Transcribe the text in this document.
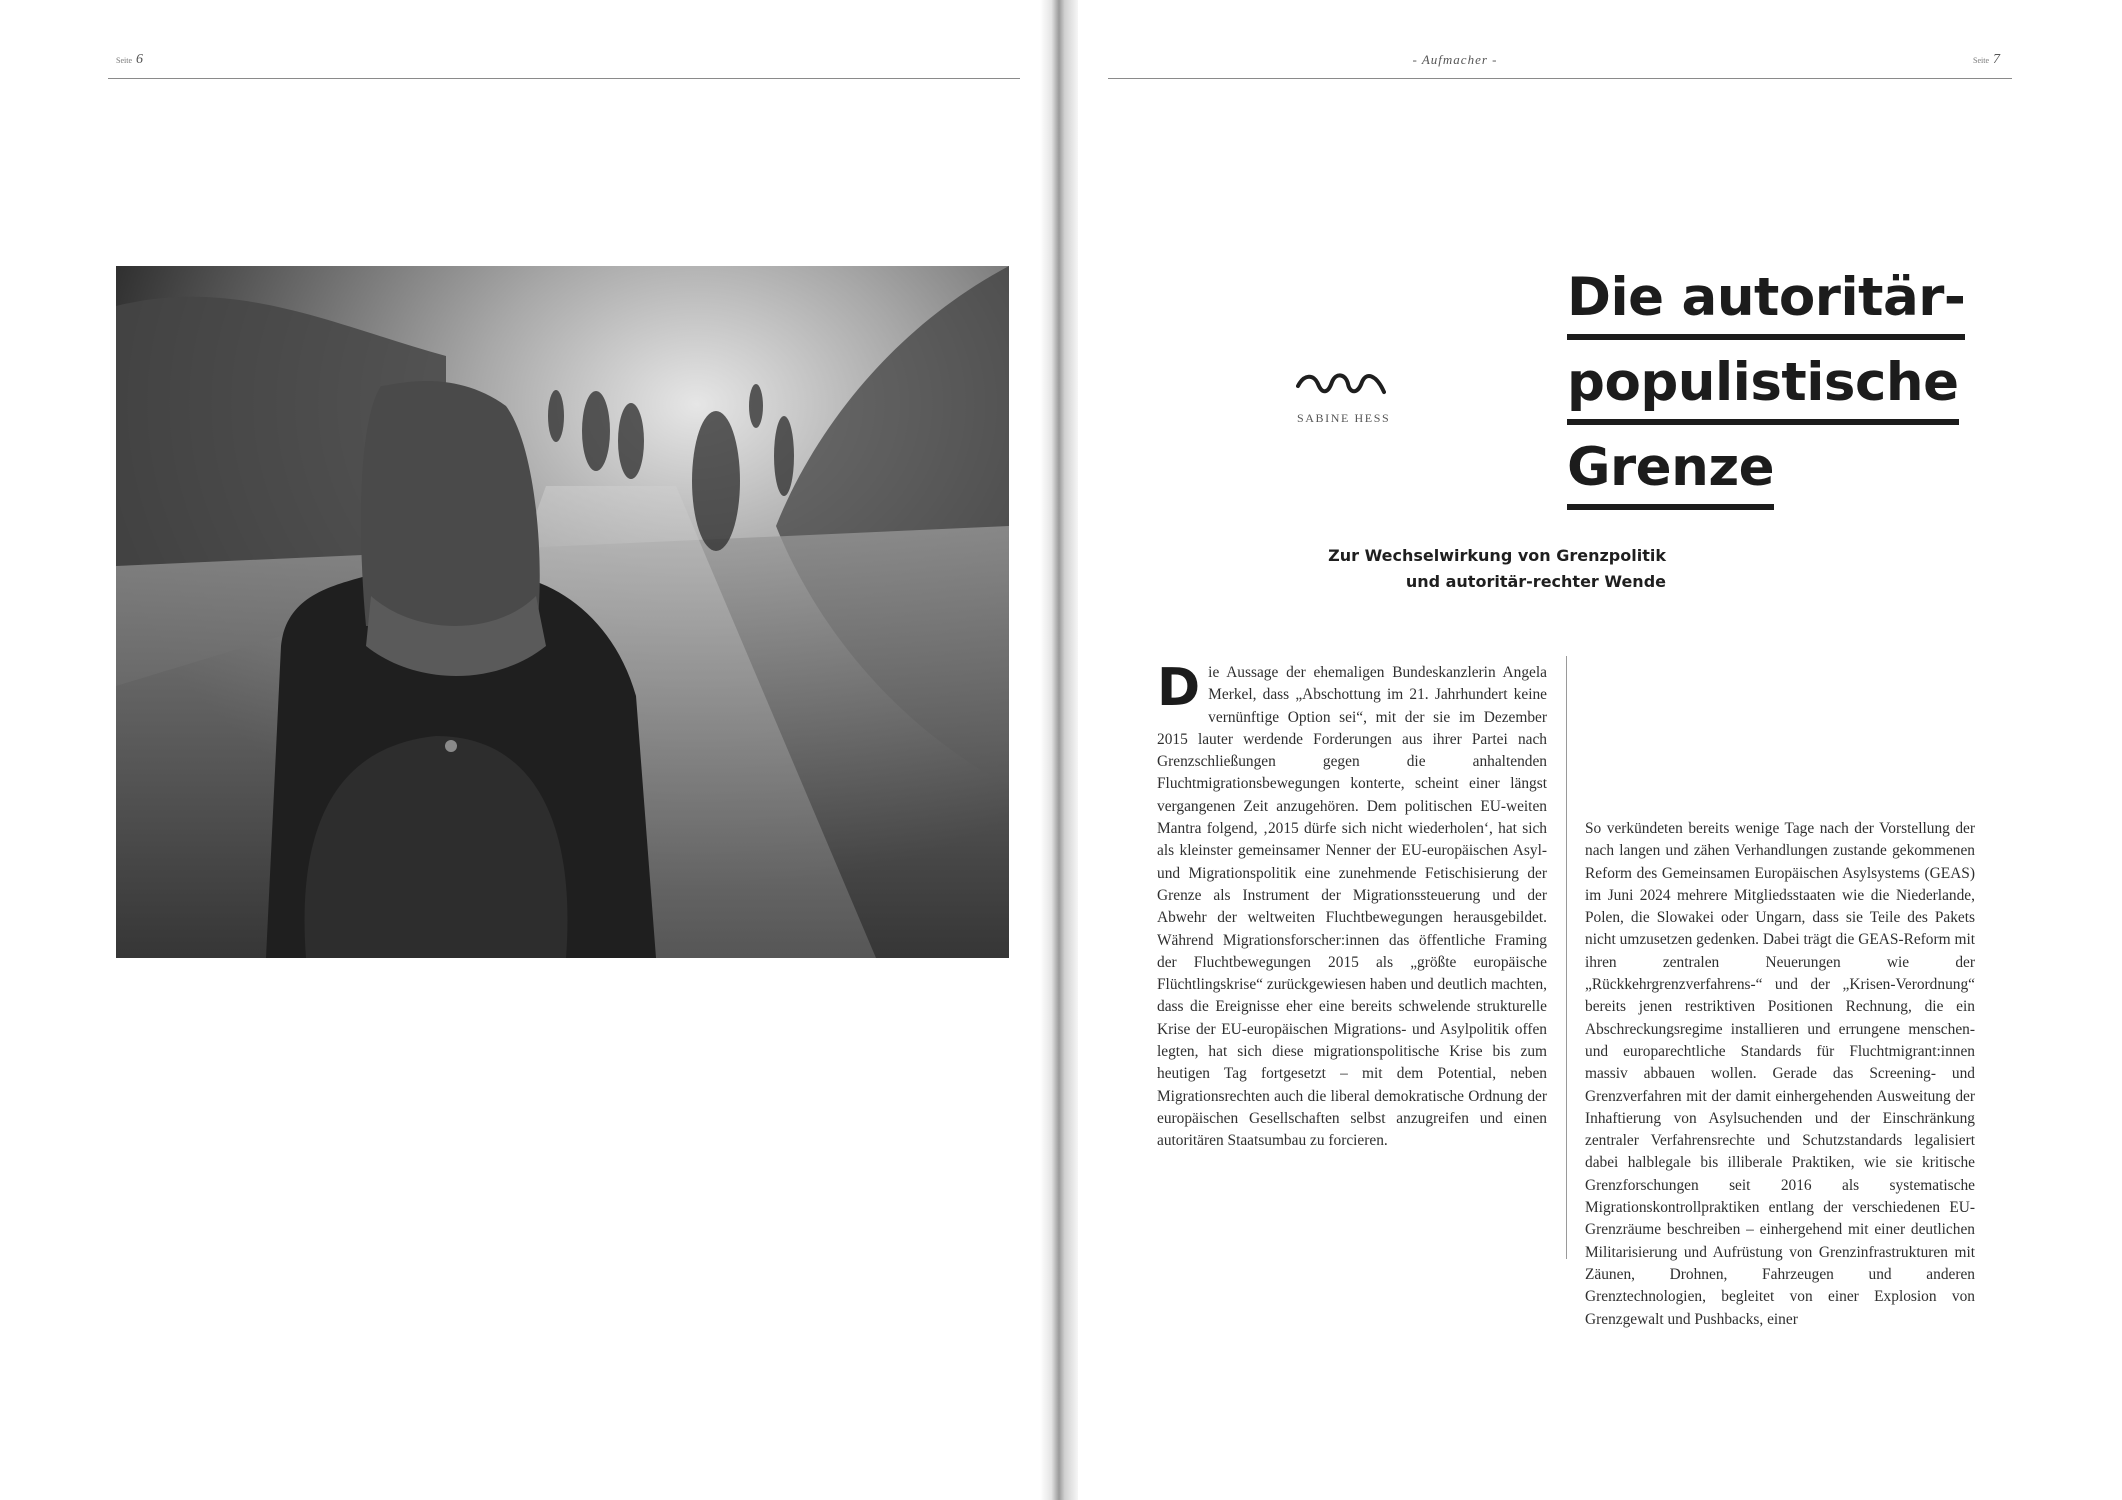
Seite 6	- Aufmacher -	Seite 7
SABINE HESS
Die autoritär-
populistische
Grenze
Zur Wechselwirkung von Grenzpolitik
und autoritär-rechter Wende
Die Aussage der ehemaligen Bundeskanzlerin Angela Merkel, dass „Abschottung im 21. Jahrhundert keine vernünftige Option sei“, mit der sie im Dezember 2015 lauter werdende Forderungen aus ihrer Partei nach Grenzschließungen gegen die anhaltenden Fluchtmigrationsbewegungen konterte, scheint einer längst vergangenen Zeit anzugehören. Dem politischen EU-weiten Mantra folgend, ‚2015 dürfe sich nicht wiederholen‘, hat sich als kleinster gemeinsamer Nenner der EU-europäischen Asyl- und Migrationspolitik eine zunehmende Fetischisierung der Grenze als Instrument der Migrationssteuerung und der Abwehr der weltweiten Fluchtbewegungen herausgebildet. Während Migrationsforscher:innen das öffentliche Framing der Fluchtbewegungen 2015 als „größte europäische Flüchtlingskrise“ zurückgewiesen haben und deutlich machten, dass die Ereignisse eher eine bereits schwelende strukturelle Krise der EU-europäischen Migrations- und Asylpolitik offen legten, hat sich diese migrationspolitische Krise bis zum heutigen Tag fortgesetzt – mit dem Potential, neben Migrationsrechten auch die liberal demokratische Ordnung der europäischen Gesellschaften selbst anzugreifen und einen autoritären Staatsumbau zu forcieren.
So verkündeten bereits wenige Tage nach der Vorstellung der nach langen und zähen Verhandlungen zustande gekommenen Reform des Gemeinsamen Europäischen Asylsystems (GEAS) im Juni 2024 mehrere Mitgliedsstaaten wie die Niederlande, Polen, die Slowakei oder Ungarn, dass sie Teile des Pakets nicht umzusetzen gedenken. Dabei trägt die GEAS-Reform mit ihren zentralen Neuerungen wie der „Rückkehrgrenzverfahrens-“ und der „Krisen-Verordnung“ bereits jenen restriktiven Positionen Rechnung, die ein Abschreckungsregime installieren und errungene menschen- und europarechtliche Standards für Fluchtmigrant:innen massiv abbauen wollen. Gerade das Screening- und Grenzverfahren mit der damit einhergehenden Ausweitung der Inhaftierung von Asylsuchenden und der Einschränkung zentraler Verfahrensrechte und Schutzstandards legalisiert dabei halblegale bis illiberale Praktiken, wie sie kritische Grenzforschungen seit 2016 als systematische Migrationskontrollpraktiken entlang der verschiedenen EU-Grenzräume beschreiben – einhergehend mit einer deutlichen Militarisierung und Aufrüstung von Grenzinfrastrukturen mit Zäunen, Drohnen, Fahrzeugen und anderen Grenztechnologien, begleitet von einer Explosion von Grenzgewalt und Pushbacks, einer
